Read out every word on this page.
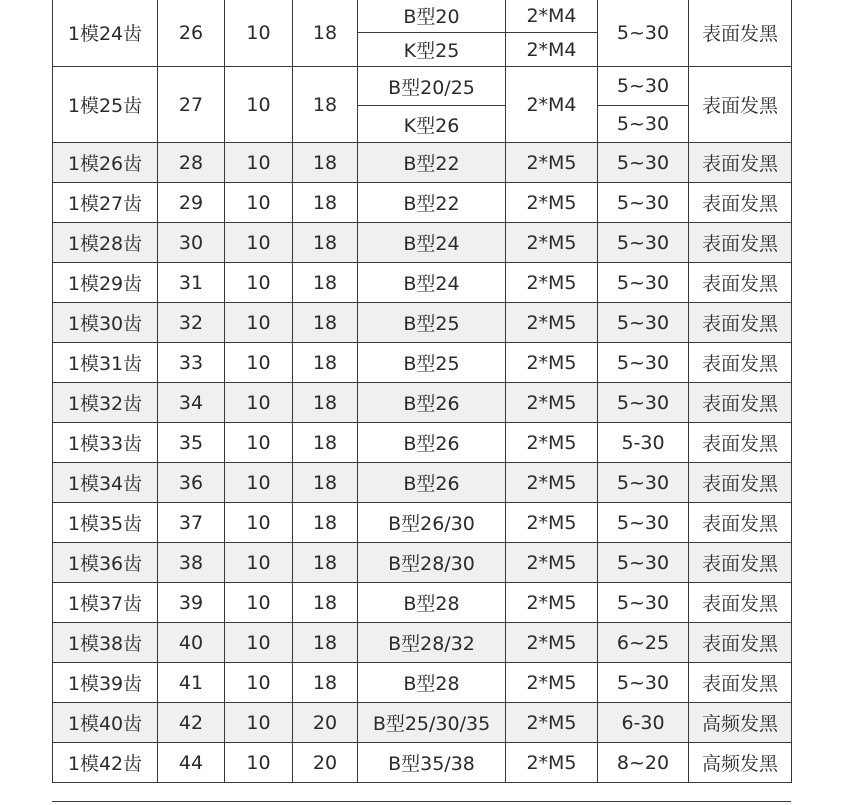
1模24齿	26	10	18	B型20	2*M4	5~30	表面发黑
				K型25	2*M4		
1模25齿	27	10	18	B型20/25	2*M4	5~30	表面发黑
				K型26		5~30	
1模26齿	28	10	18	B型22	2*M5	5~30	表面发黑
1模27齿	29	10	18	B型22	2*M5	5~30	表面发黑
1模28齿	30	10	18	B型24	2*M5	5~30	表面发黑
1模29齿	31	10	18	B型24	2*M5	5~30	表面发黑
1模30齿	32	10	18	B型25	2*M5	5~30	表面发黑
1模31齿	33	10	18	B型25	2*M5	5~30	表面发黑
1模32齿	34	10	18	B型26	2*M5	5~30	表面发黑
1模33齿	35	10	18	B型26	2*M5	5-30	表面发黑
1模34齿	36	10	18	B型26	2*M5	5~30	表面发黑
1模35齿	37	10	18	B型26/30	2*M5	5~30	表面发黑
1模36齿	38	10	18	B型28/30	2*M5	5~30	表面发黑
1模37齿	39	10	18	B型28	2*M5	5~30	表面发黑
1模38齿	40	10	18	B型28/32	2*M5	6~25	表面发黑
1模39齿	41	10	18	B型28	2*M5	5~30	表面发黑
1模40齿	42	10	20	B型25/30/35	2*M5	6-30	高频发黑
1模42齿	44	10	20	B型35/38	2*M5	8~20	高频发黑
